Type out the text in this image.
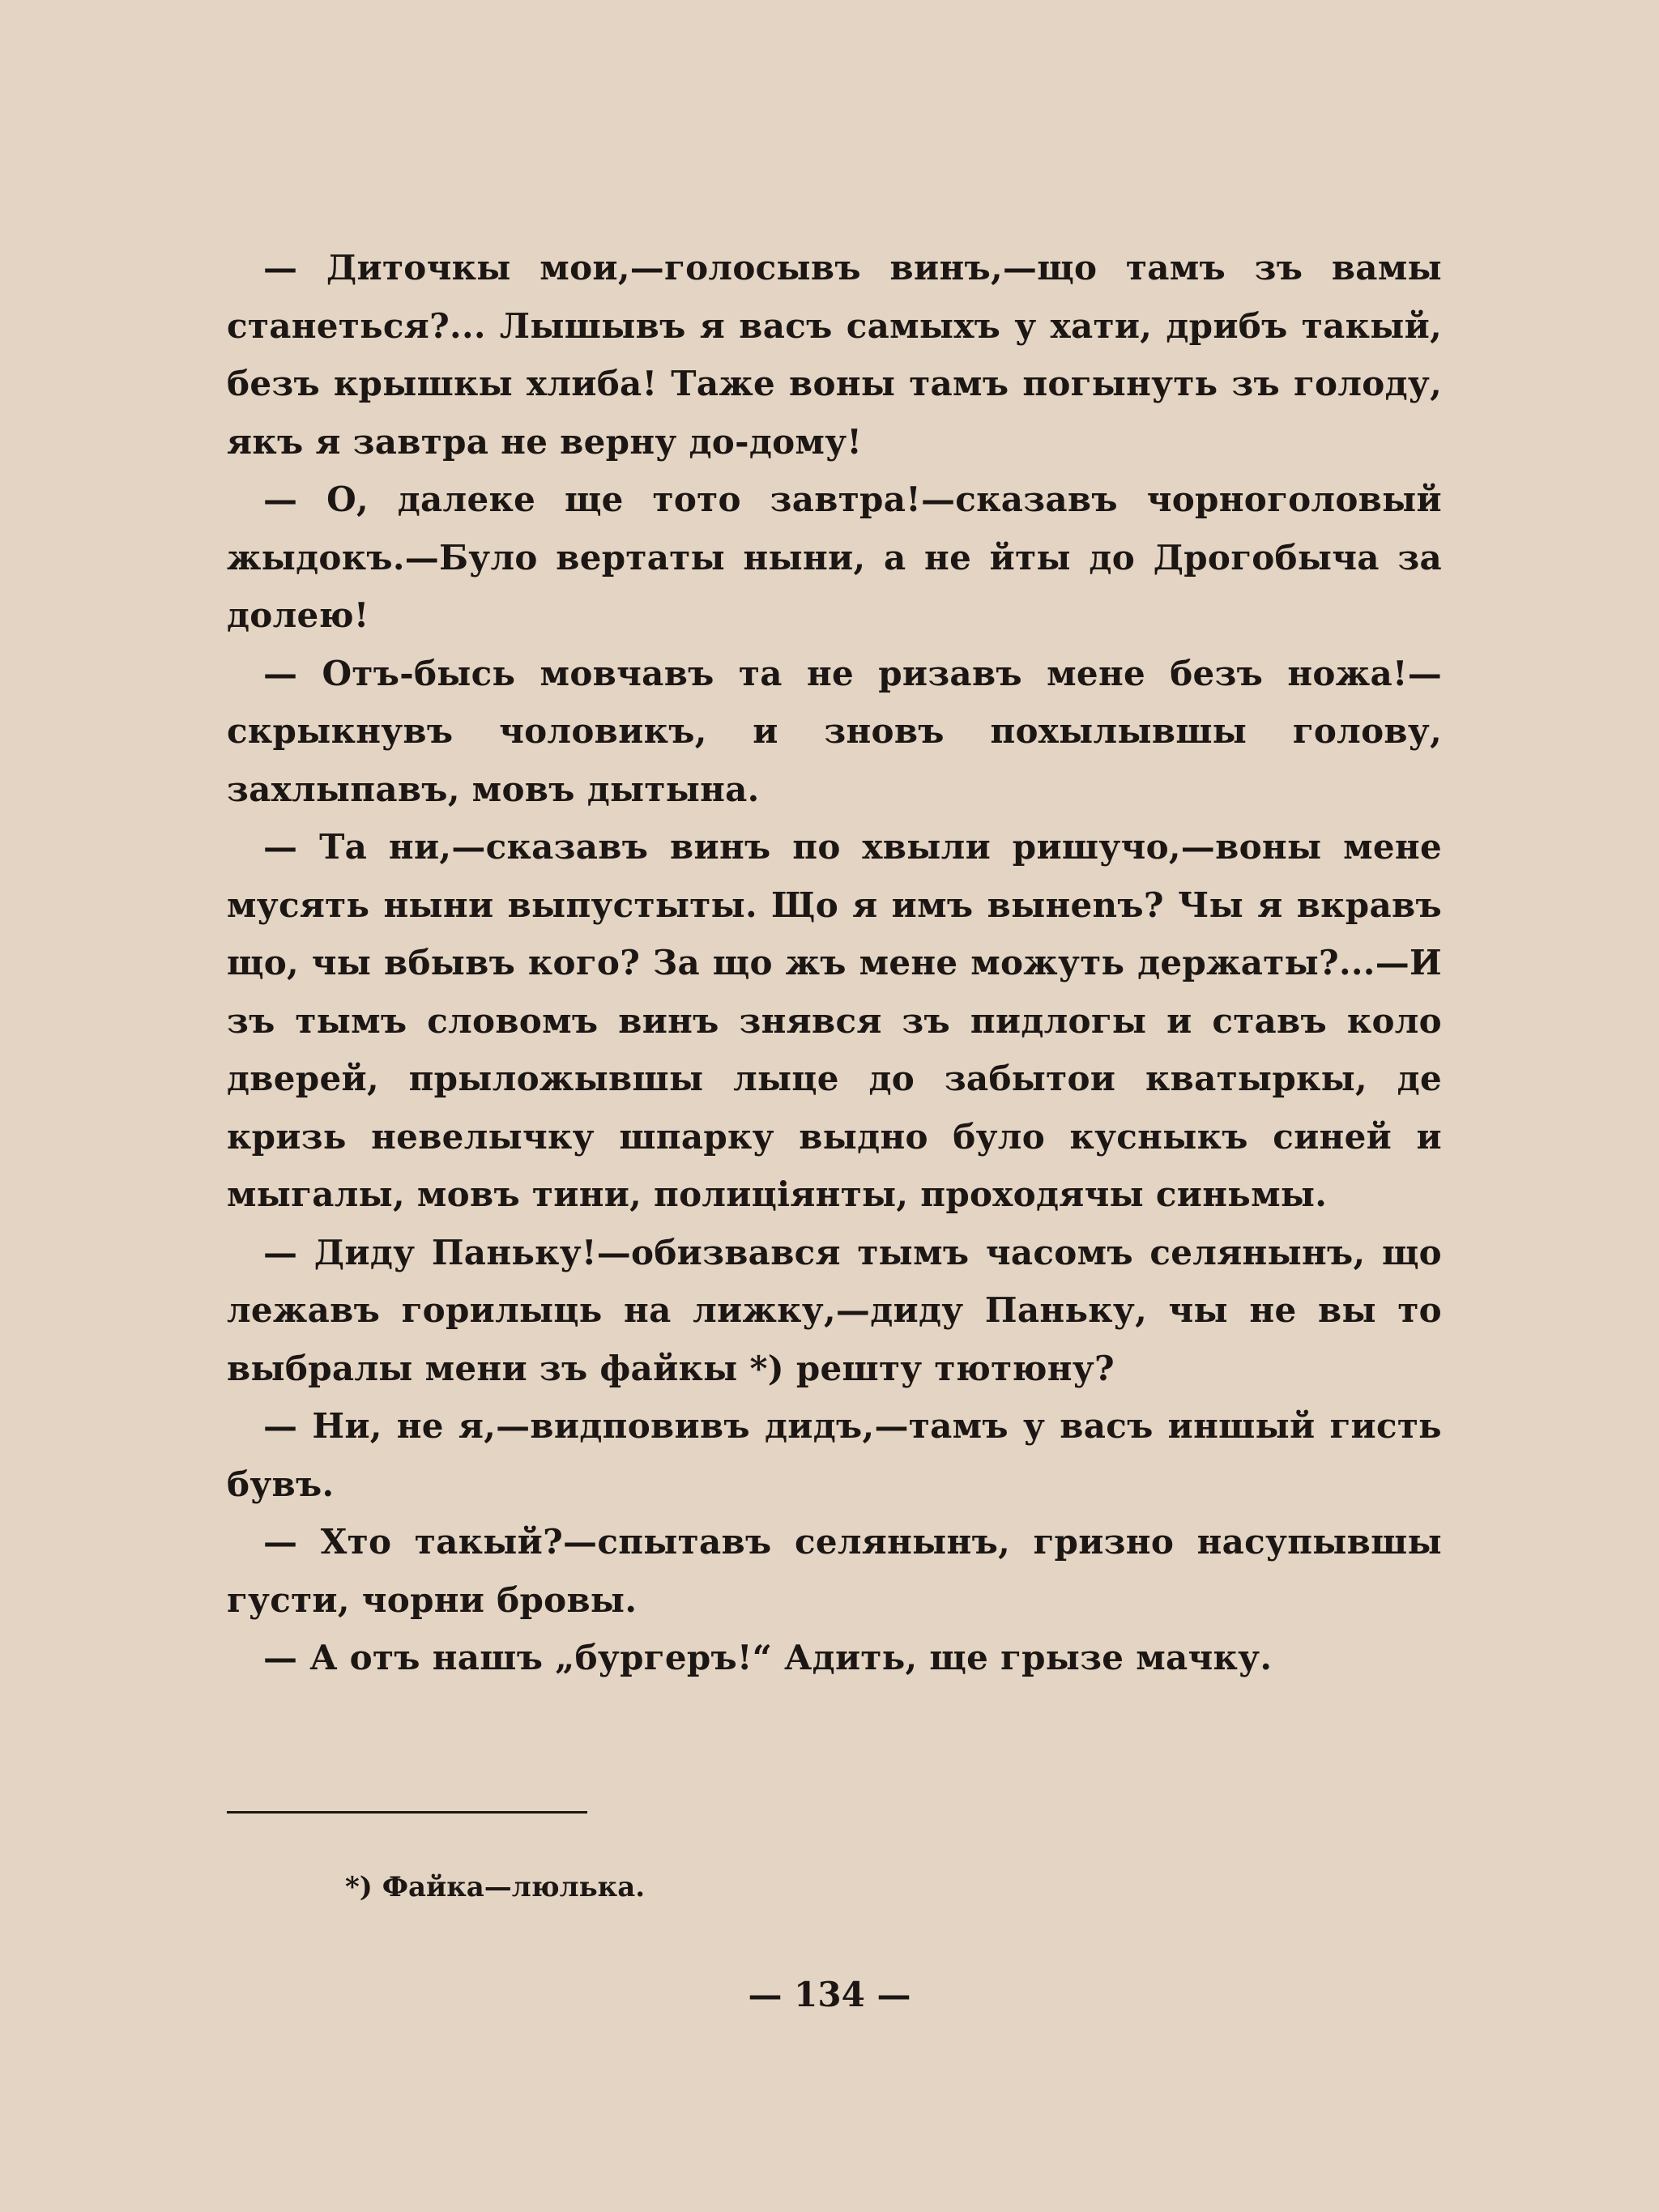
— Диточкы мои,—голосывъ винъ,—що тамъ зъ вамы станеться?... Лышывъ я васъ самыхъ у хати, дрибъ такый, безъ крышкы хлиба! Таже воны тамъ погынуть зъ голоду, якъ я завтра не верну до-дому!

— О, далеке ще тото завтра!—сказавъ чорноголовый жыдокъ.—Було вертаты ныни, а не йты до Дрогобыча за долею!

— Отъ-бысь мовчавъ та не ризавъ мене безъ ножа!—скрыкнувъ чоловикъ, и зновъ похылывшы голову, захлыпавъ, мовъ дытына.

— Та ни,—сказавъ винъ по хвыли ришучо,—воны мене мусять ныни выпустыты. Що я имъ вынenъ? Чы я вкравъ що, чы вбывъ кого? За що жъ мене можуть держаты?...—И зъ тымъ словомъ винъ знявся зъ пидлогы и ставъ коло дверей, прыложывшы лыце до забытои кватыркы, де кризь невелычку шпарку выдно було кусныкъ синей и мыгалы, мовъ тини, полиціянты, проходячы синьмы.

— Диду Паньку!—обизвався тымъ часомъ селянынъ, що лежавъ горилыць на лижку,—диду Паньку, чы не вы то выбралы мени зъ файкы *) решту тютюну?

— Ни, не я,—видповивъ дидъ,—тамъ у васъ иншый гисть бувъ.

— Хто такый?—спытавъ селянынъ, гризно насупывшы густи, чорни бровы.

— А отъ нашъ „бургеръ!“ Адить, ще грызе мачку.

*) Файка—люлька.
— 134 —
